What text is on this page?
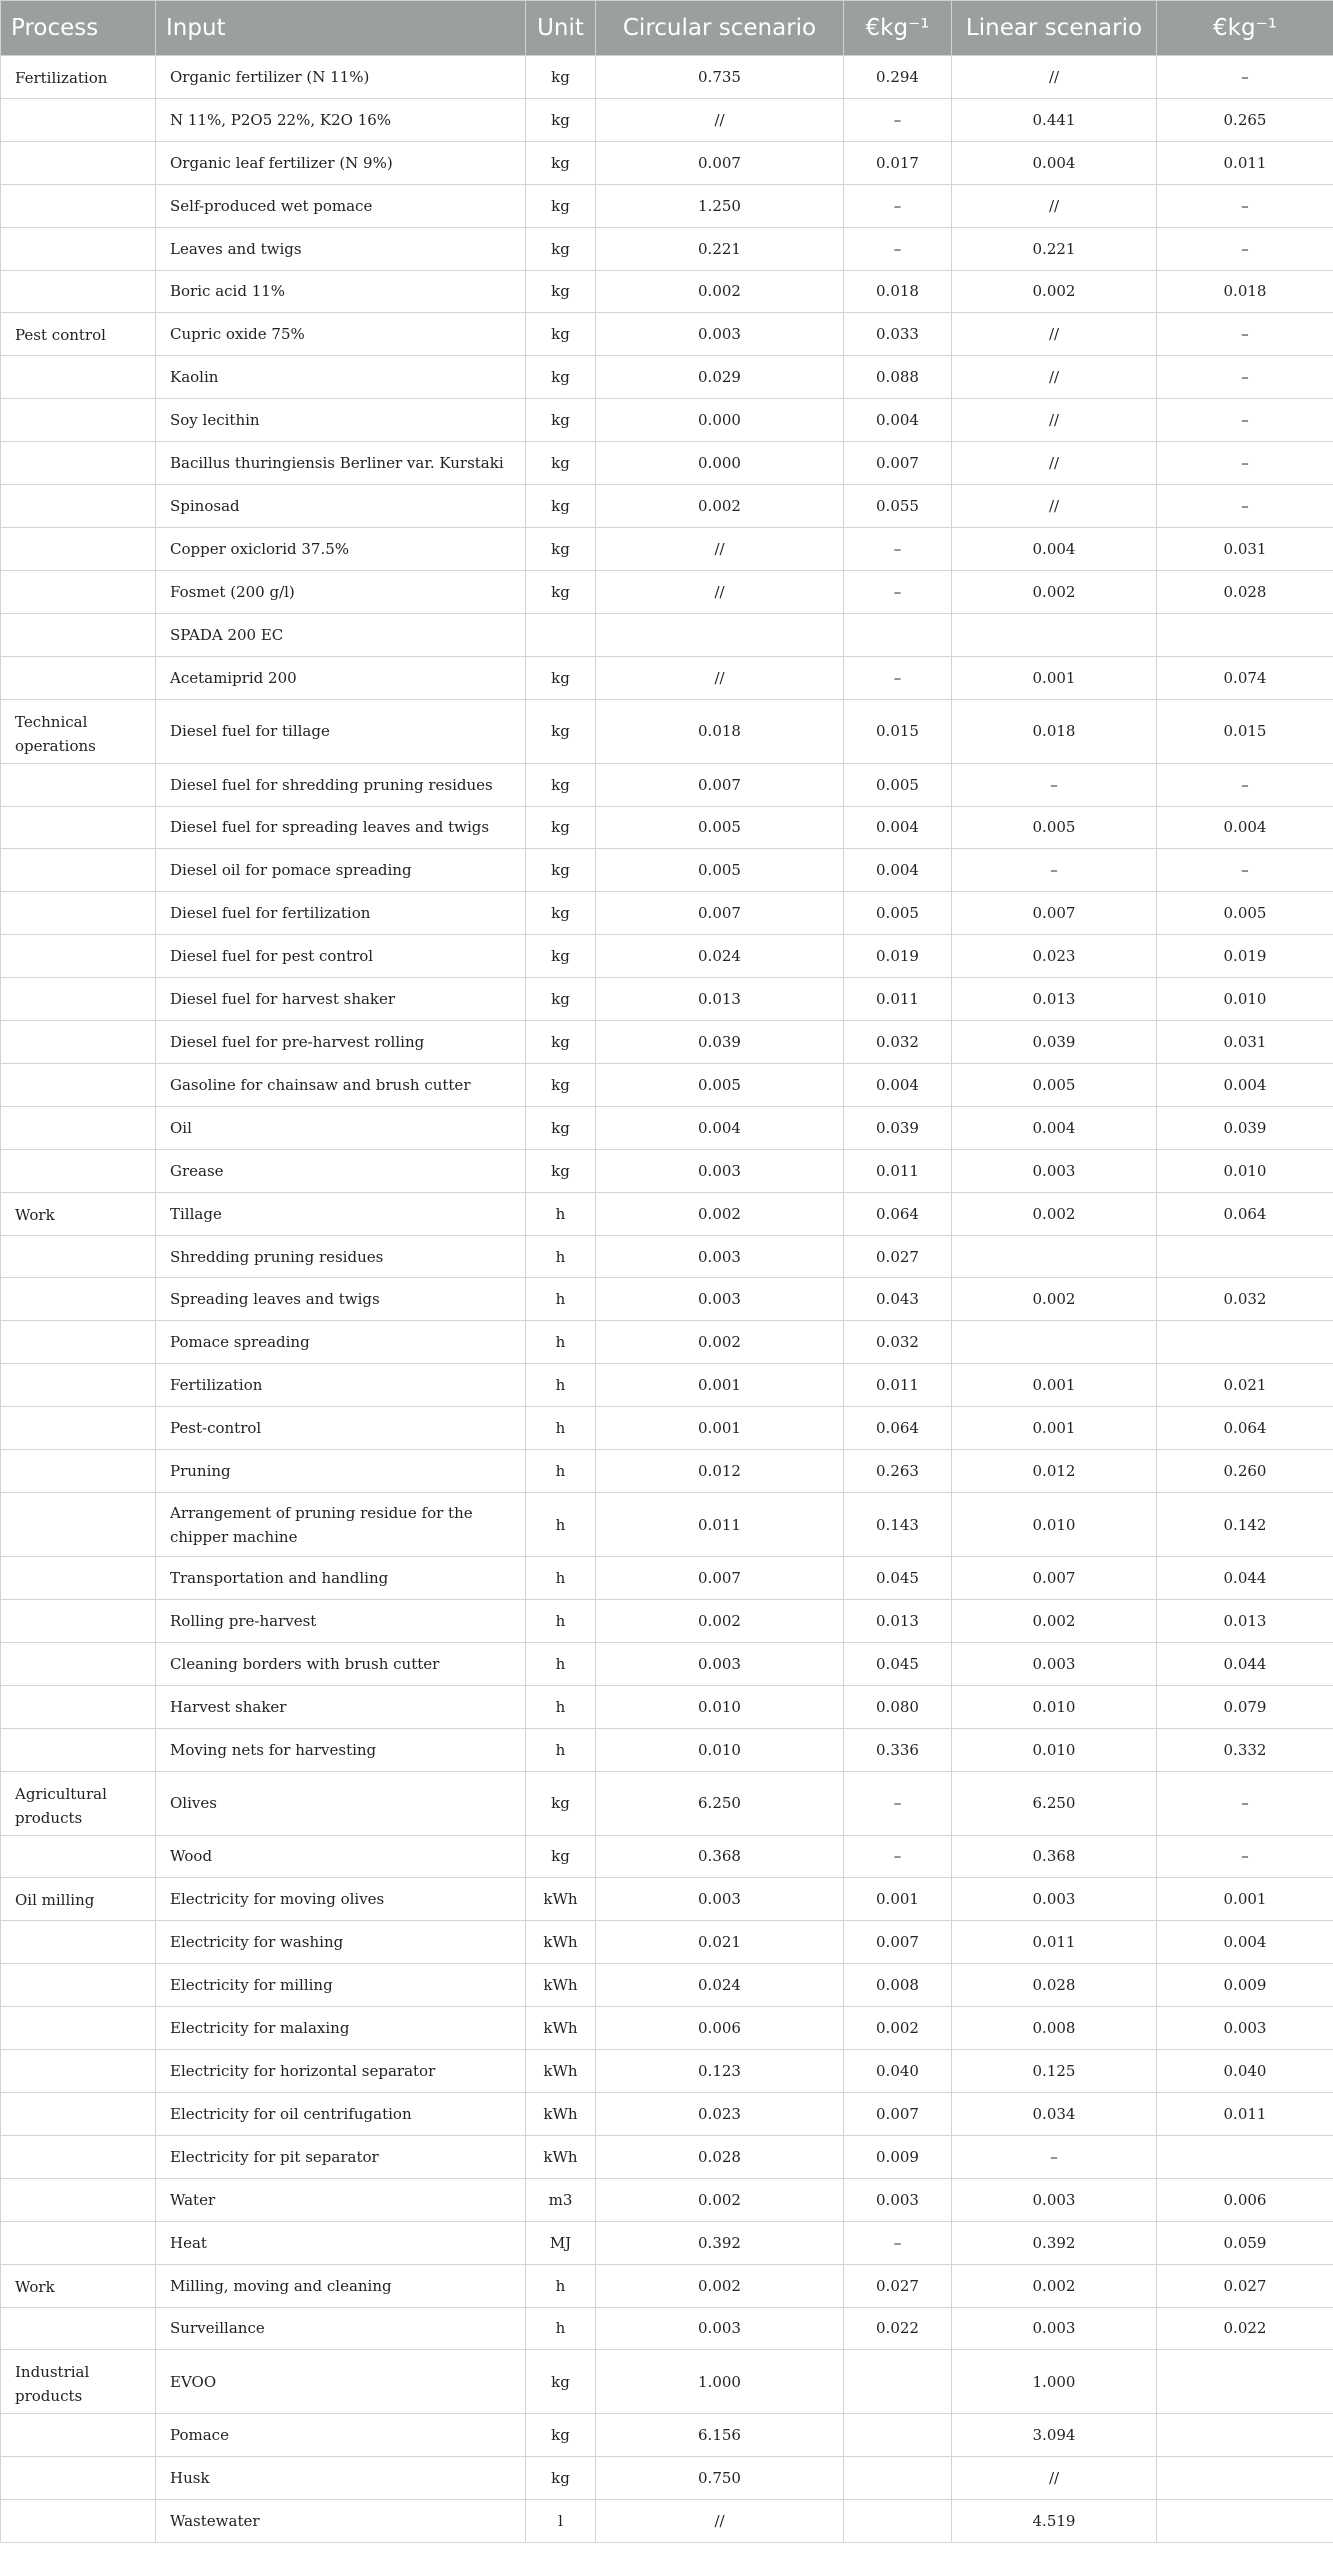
Process	Input	Unit	Circular scenario	€kg⁻¹	Linear scenario	€kg⁻¹
Fertilization	Organic fertilizer (N 11%)	kg	0.735	0.294	//	–
	N 11%, P2O5 22%, K2O 16%	kg	//	–	0.441	0.265
	Organic leaf fertilizer (N 9%)	kg	0.007	0.017	0.004	0.011
	Self-produced wet pomace	kg	1.250	–	//	–
	Leaves and twigs	kg	0.221	–	0.221	–
	Boric acid 11%	kg	0.002	0.018	0.002	0.018
Pest control	Cupric oxide 75%	kg	0.003	0.033	//	–
	Kaolin	kg	0.029	0.088	//	–
	Soy lecithin	kg	0.000	0.004	//	–
	Bacillus thuringiensis Berliner var. Kurstaki	kg	0.000	0.007	//	–
	Spinosad	kg	0.002	0.055	//	–
	Copper oxiclorid 37.5%	kg	//	–	0.004	0.031
	Fosmet (200 g/l)	kg	//	–	0.002	0.028
	SPADA 200 EC					
	Acetamiprid 200	kg	//	–	0.001	0.074
Technical operations	Diesel fuel for tillage	kg	0.018	0.015	0.018	0.015
	Diesel fuel for shredding pruning residues	kg	0.007	0.005	–	–
	Diesel fuel for spreading leaves and twigs	kg	0.005	0.004	0.005	0.004
	Diesel oil for pomace spreading	kg	0.005	0.004	–	–
	Diesel fuel for fertilization	kg	0.007	0.005	0.007	0.005
	Diesel fuel for pest control	kg	0.024	0.019	0.023	0.019
	Diesel fuel for harvest shaker	kg	0.013	0.011	0.013	0.010
	Diesel fuel for pre-harvest rolling	kg	0.039	0.032	0.039	0.031
	Gasoline for chainsaw and brush cutter	kg	0.005	0.004	0.005	0.004
	Oil	kg	0.004	0.039	0.004	0.039
	Grease	kg	0.003	0.011	0.003	0.010
Work	Tillage	h	0.002	0.064	0.002	0.064
	Shredding pruning residues	h	0.003	0.027		
	Spreading leaves and twigs	h	0.003	0.043	0.002	0.032
	Pomace spreading	h	0.002	0.032		
	Fertilization	h	0.001	0.011	0.001	0.021
	Pest-control	h	0.001	0.064	0.001	0.064
	Pruning	h	0.012	0.263	0.012	0.260
	Arrangement of pruning residue for the chipper machine	h	0.011	0.143	0.010	0.142
	Transportation and handling	h	0.007	0.045	0.007	0.044
	Rolling pre-harvest	h	0.002	0.013	0.002	0.013
	Cleaning borders with brush cutter	h	0.003	0.045	0.003	0.044
	Harvest shaker	h	0.010	0.080	0.010	0.079
	Moving nets for harvesting	h	0.010	0.336	0.010	0.332
Agricultural products	Olives	kg	6.250	–	6.250	–
	Wood	kg	0.368	–	0.368	–
Oil milling	Electricity for moving olives	kWh	0.003	0.001	0.003	0.001
	Electricity for washing	kWh	0.021	0.007	0.011	0.004
	Electricity for milling	kWh	0.024	0.008	0.028	0.009
	Electricity for malaxing	kWh	0.006	0.002	0.008	0.003
	Electricity for horizontal separator	kWh	0.123	0.040	0.125	0.040
	Electricity for oil centrifugation	kWh	0.023	0.007	0.034	0.011
	Electricity for pit separator	kWh	0.028	0.009	–	
	Water	m3	0.002	0.003	0.003	0.006
	Heat	MJ	0.392	–	0.392	0.059
Work	Milling, moving and cleaning	h	0.002	0.027	0.002	0.027
	Surveillance	h	0.003	0.022	0.003	0.022
Industrial products	EVOO	kg	1.000		1.000	
	Pomace	kg	6.156		3.094	
	Husk	kg	0.750		//	
	Wastewater	l	//		4.519	
